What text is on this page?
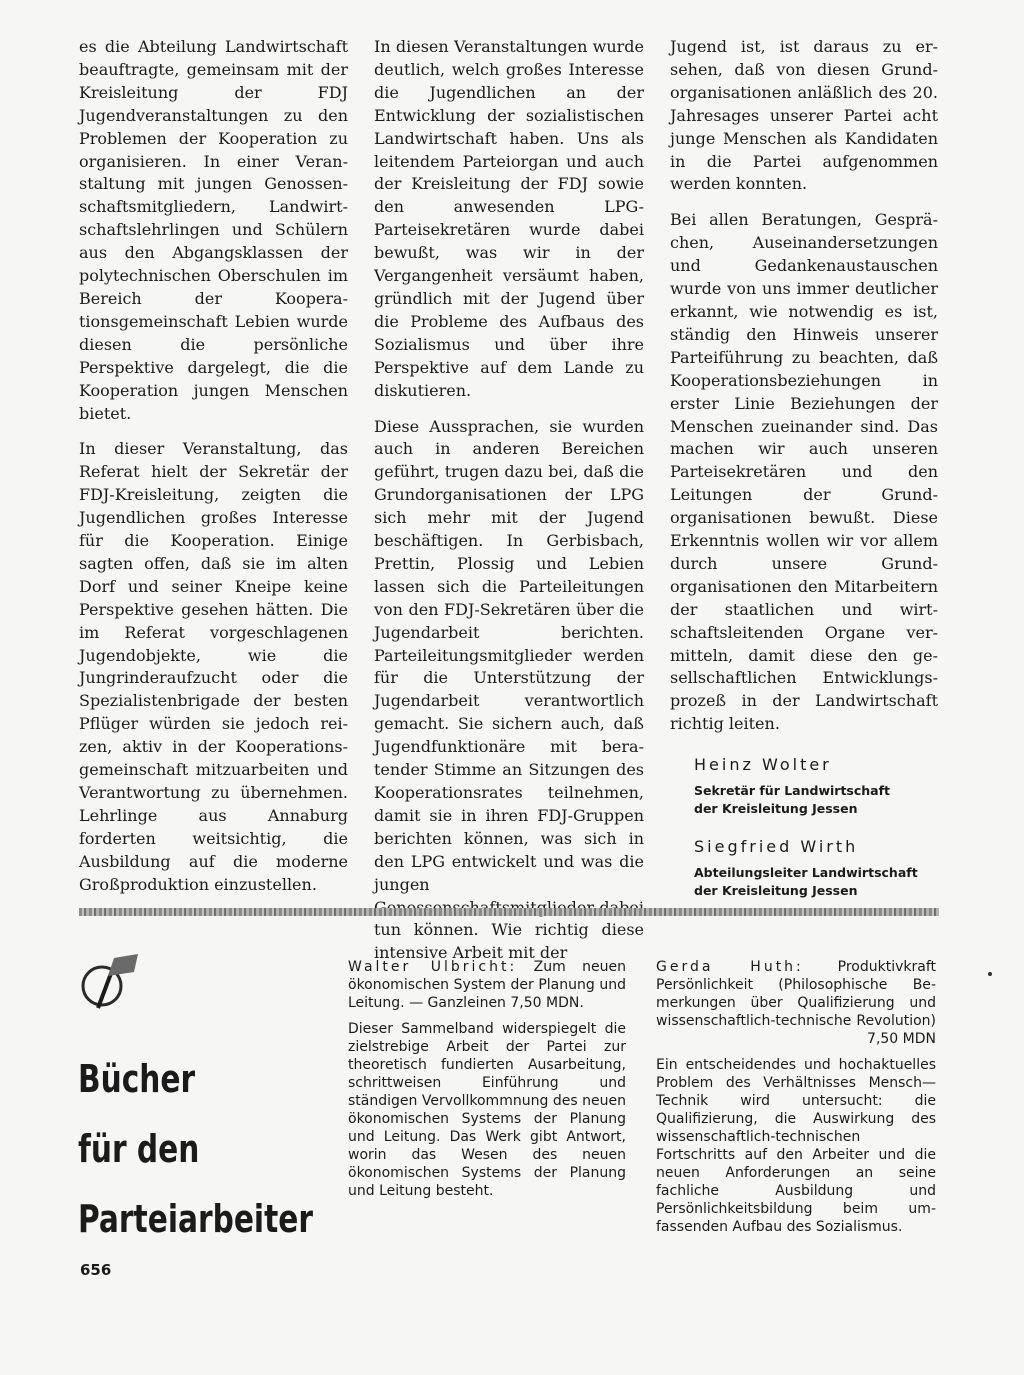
es die Abteilung Landwirtschaft beauftragte, gemeinsam mit der Kreisleitung der FDJ Jugendveranstaltungen zu den Problemen der Kooperation zu organisieren. In einer Veranstaltung mit jungen Genossenschaftsmitgliedern, Landwirtschaftslehrlingen und Schülern aus den Abgangsklassen der polytechnischen Oberschulen im Bereich der Kooperationsgemeinschaft Lebien wurde diesen die persönliche Perspektive dargelegt, die die Kooperation jungen Menschen bietet.

In dieser Veranstaltung, das Referat hielt der Sekretär der FDJ-Kreisleitung, zeigten die Jugendlichen großes Interesse für die Kooperation. Einige sagten offen, daß sie im alten Dorf und seiner Kneipe keine Perspektive gesehen hätten. Die im Referat vorgeschlagenen Jugendobjekte, wie die Jungrinderaufzucht oder die Spezialistenbrigade der besten Pflüger würden sie jedoch reizen, aktiv in der Kooperationsgemeinschaft mitzuarbeiten und Verantwortung zu übernehmen. Lehrlinge aus Annaburg forderten weitsichtig, die Ausbildung auf die moderne Großproduktion einzustellen.

In diesen Veranstaltungen wurde deutlich, welch großes Interesse die Jugendlichen an der Entwicklung der sozialistischen Landwirtschaft haben. Uns als leitendem Parteiorgan und auch der Kreisleitung der FDJ sowie den anwesenden LPG-Parteisekretären wurde dabei bewußt, was wir in der Vergangenheit versäumt haben, gründlich mit der Jugend über die Probleme des Aufbaus des Sozialismus und über ihre Perspektive auf dem Lande zu diskutieren.

Diese Aussprachen, sie wurden auch in anderen Bereichen geführt, trugen dazu bei, daß die Grundorganisationen der LPG sich mehr mit der Jugend beschäftigen. In Gerbisbach, Prettin, Plossig und Lebien lassen sich die Parteileitungen von den FDJ-Sekretären über die Jugendarbeit berichten. Parteileitungsmitglieder werden für die Unterstützung der Jugendarbeit verantwortlich gemacht. Sie sichern auch, daß Jugendfunktionäre mit beratender Stimme an Sitzungen des Kooperationsrates teilnehmen, damit sie in ihren FDJ-Gruppen berichten können, was sich in den LPG entwickelt und was die jungen tun können. Wie richtig diese intensive Arbeit mit der

Jugend ist, ist daraus zu ersehen, daß von diesen Grundorganisationen anläßlich des 20. Jahresages unserer Partei acht junge Menschen als Kandidaten in die Partei aufgenommen werden konnten.

Bei allen Beratungen, Gesprächen, Auseinandersetzungen und Gedankenaustauschen wurde von uns immer deutlicher erkannt, wie notwendig es ist, ständig den Hinweis unserer Parteiführung zu beachten, daß Kooperationsbeziehungen in erster Linie Beziehungen der Menschen zueinander sind. Das machen wir auch unseren Parteisekretären und den Leitungen der Grundorganisationen bewußt. Diese Erkenntnis wollen wir vor allem durch unsere Grundorganisationen den Mitarbeitern der staatlichen und wirtschaftsleitenden Organe vermitteln, damit diese den gesellschaftlichen Entwicklungsprozeß in der Landwirtschaft richtig leiten.

Heinz Wolter
Sekretär für Landwirtschaft
der Kreisleitung Jessen
Siegfried Wirth
Abteilungsleiter Landwirtschaft
der Kreisleitung Jessen
Bücher
für den
Parteiarbeiter

Walter Ulbricht: Zum neuen ökonomischen System der Planung und Leitung. — Ganzleinen 7,50 MDN.

Dieser Sammelband widerspiegelt die zielstrebige Arbeit der Partei zur theoretisch fundierten Ausarbeitung, schrittweisen Einführung und ständigen Vervollkommnung des neuen ökonomischen Systems der Planung und Leitung. Das Werk gibt Antwort, worin das Wesen des neuen ökonomischen Systems der Planung und Leitung besteht.

Gerda Huth: Produktivkraft Persönlichkeit (Philosophische Bemerkungen über Qualifizierung und wissenschaftlich-technische Revolution) 7,50 MDN

Ein entscheidendes und hochaktuelles Problem des Verhältnisses Mensch—Technik wird untersucht: die Qualifizierung, die Auswirkung des wissenschaftlich-technischen Fortschritts auf den Arbeiter und die neuen Anforderungen an seine fachliche Ausbildung und Persönlichkeitsbildung beim umfassenden Aufbau des Sozialismus.

656
